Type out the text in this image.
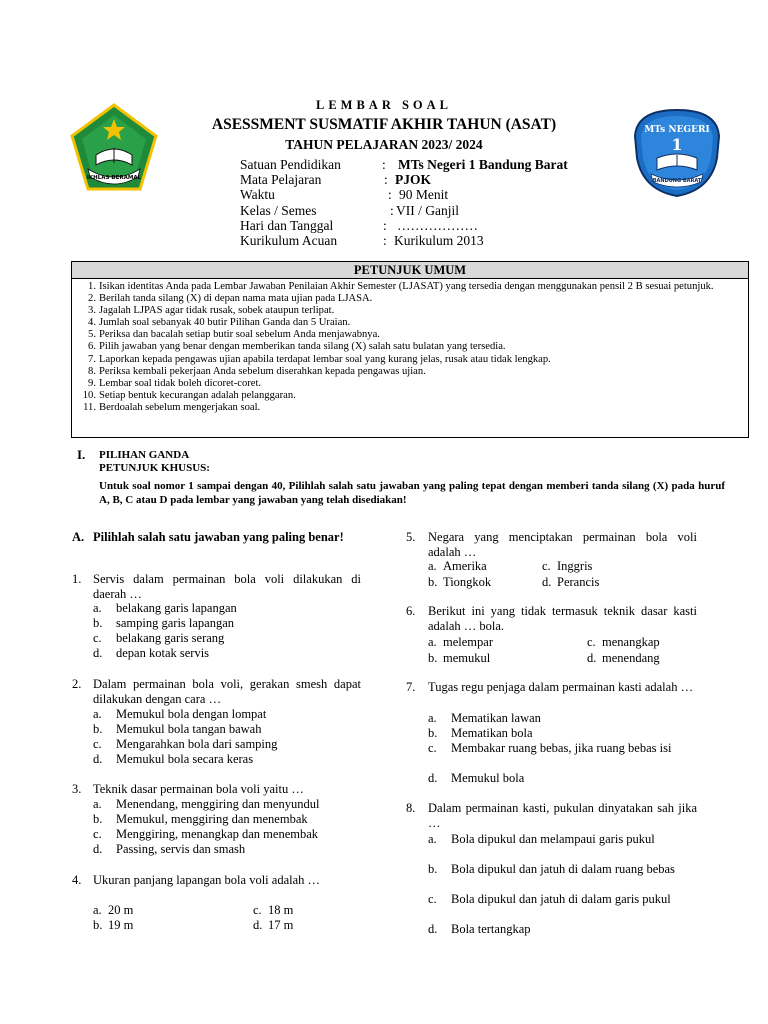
IKHLAS BERAMAL
MTs NEGERI
1
BANDUNG BARAT
LEMBAR SOAL
ASESSMENT SUSMATIF AKHIR TAHUN (ASAT)
TAHUN PELAJARAN 2023/ 2024
Satuan Pendidikan	: MTs Negeri 1 Bandung Barat
Mata Pelajaran	: PJOK
Waktu	: 90 Menit
Kelas / Semes	: VII / Ganjil
Hari dan Tanggal	: ………………
Kurikulum Acuan	: Kurikulum 2013
PETUNJUK UMUM
1. Isikan identitas Anda pada Lembar Jawaban Penilaian Akhir Semester (LJASAT) yang tersedia dengan menggunakan pensil 2 B sesuai petunjuk.
2. Berilah tanda silang (X) di depan nama mata ujian pada LJASA.
3. Jagalah LJPAS agar tidak rusak, sobek ataupun terlipat.
4. Jumlah soal sebanyak 40 butir Pilihan Ganda dan 5 Uraian.
5. Periksa dan bacalah setiap butir soal sebelum Anda menjawabnya.
6. Pilih jawaban yang benar dengan memberikan tanda silang (X) salah satu bulatan yang tersedia.
7. Laporkan kepada pengawas ujian apabila terdapat lembar soal yang kurang jelas, rusak atau tidak lengkap.
8. Periksa kembali pekerjaan Anda sebelum diserahkan kepada pengawas ujian.
9. Lembar soal tidak boleh dicoret-coret.
10. Setiap bentuk kecurangan adalah pelanggaran.
11. Berdoalah sebelum mengerjakan soal.
I. PILIHAN GANDA
PETUNJUK KHUSUS:
Untuk soal nomor 1 sampai dengan 40, Pilihlah salah satu jawaban yang paling tepat dengan memberi tanda silang (X) pada huruf A, B, C atau D pada lembar yang jawaban yang telah disediakan!
A. Pilihlah salah satu jawaban yang paling benar!
1. Servis dalam permainan bola voli dilakukan di daerah …
a. belakang garis lapangan
b. samping garis lapangan
c. belakang garis serang
d. depan kotak servis
2. Dalam permainan bola voli, gerakan smesh dapat dilakukan dengan cara …
a. Memukul bola dengan lompat
b. Memukul bola tangan bawah
c. Mengarahkan bola dari samping
d. Memukul bola secara keras
3. Teknik dasar permainan bola voli yaitu …
a. Menendang, menggiring dan menyundul
b. Memukul, menggiring dan menembak
c. Menggiring, menangkap dan menembak
d. Passing, servis dan smash
4. Ukuran panjang lapangan bola voli adalah …
a. 20 m
b. 19 m
c. 18 m
d. 17 m
5. Negara yang menciptakan permainan bola voli adalah …
a. Amerika
b. Tiongkok
c. Inggris
d. Perancis
6. Berikut ini yang tidak termasuk teknik dasar kasti adalah … bola.
a. melempar
b. memukul
c. menangkap
d. menendang
7. Tugas regu penjaga dalam permainan kasti adalah …
a. Mematikan lawan
b. Mematikan bola
c. Membakar ruang bebas, jika ruang bebas isi
d. Memukul bola
8. Dalam permainan kasti, pukulan dinyatakan sah jika …
a. Bola dipukul dan melampaui garis pukul
b. Bola dipukul dan jatuh di dalam ruang bebas
c. Bola dipukul dan jatuh di dalam garis pukul
d. Bola tertangkap
